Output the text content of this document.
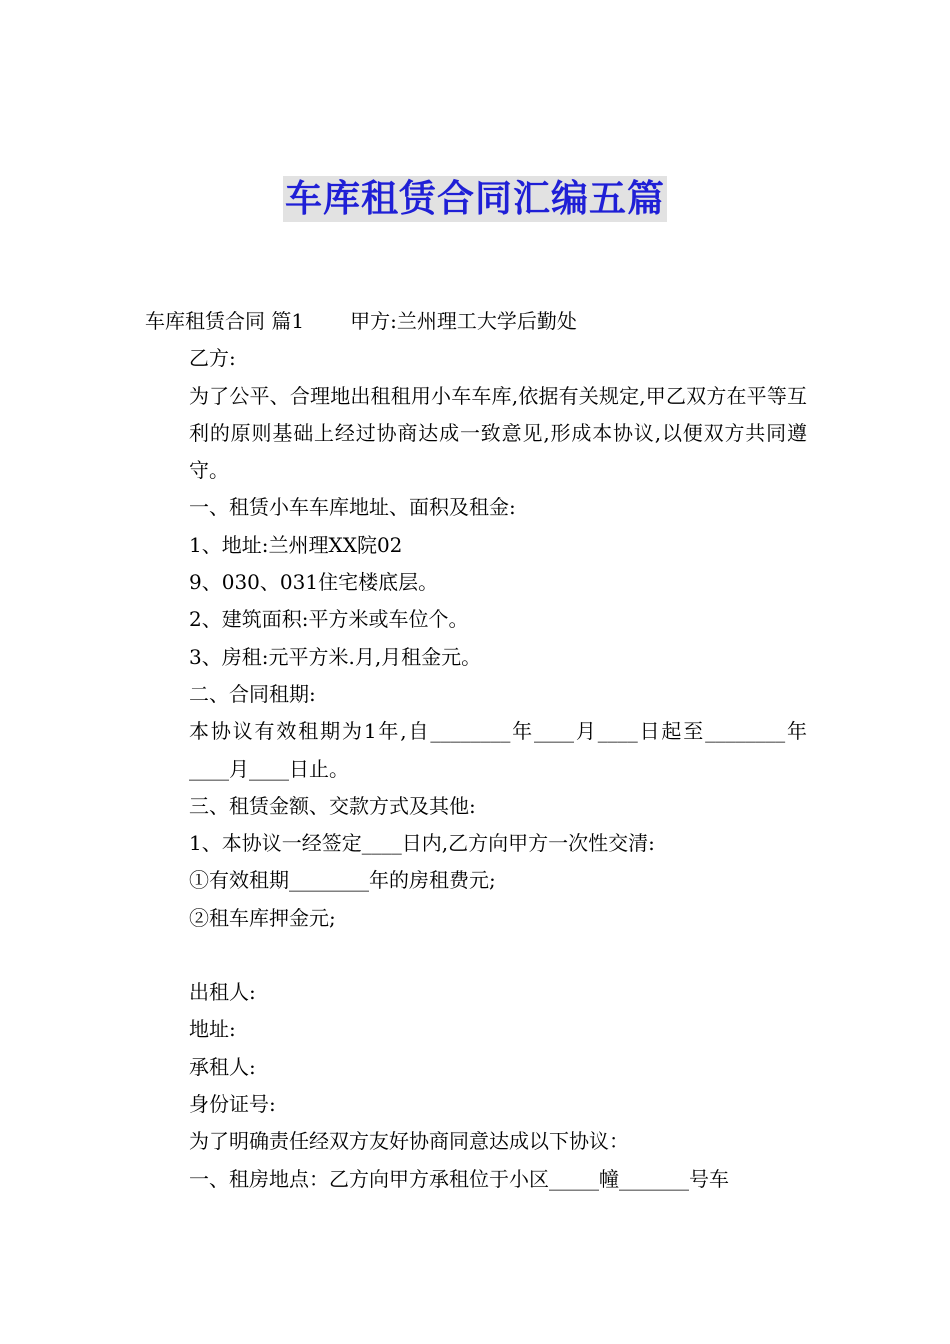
车库租赁合同汇编五篇

车库租赁合同 篇1 甲方:兰州理工大学后勤处

乙方:

为了公平、合理地出租租用小车车库,依据有关规定,甲乙双方在平等互利的原则基础上经过协商达成一致意见,形成本协议,以便双方共同遵守。

一、租赁小车车库地址、面积及租金:

1、地址:兰州理XX院02

9、030、031住宅楼底层。

2、建筑面积:平方米或车位个。

3、房租:元平方米.月,月租金元。

二、合同租期:

本协议有效租期为1年,自________年____月____日起至________年____月____日止。

三、租赁金额、交款方式及其他:

1、本协议一经签定____日内,乙方向甲方一次性交清:

①有效租期________年的房租费元;

②租车库押金元;

出租人:

地址:

承租人:

身份证号:

为了明确责任经双方友好协商同意达成以下协议：

一、租房地点：乙方向甲方承租位于小区_____幢_______号车
